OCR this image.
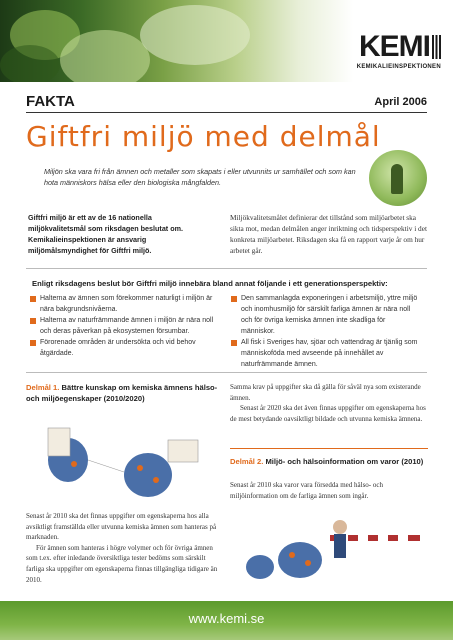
KEMI
KEMIKALIEINSPEKTIONEN
FAKTA	April 2006
Giftfri miljö med delmål
Miljön ska vara fri från ämnen och metaller som skapats i eller utvunnits ur samhället och som kan hota människors hälsa eller den biologiska mångfalden.
Giftfri miljö är ett av de 16 nationella miljökvalitetsmål som riksdagen beslutat om. Kemikalieinspektionen är ansvarig miljömålsmyndighet för Giftfri miljö.
Miljökvalitetsmålet definierar det tillstånd som miljöarbetet ska sikta mot, medan delmålen anger inriktning och tidsperspektiv i det konkreta miljöarbetet. Riksdagen ska få en rapport varje år om hur arbetet går.
Enligt riksdagens beslut bör Giftfri miljö innebära bland annat följande i ett generationsperspektiv:
Halterna av ämnen som förekommer naturligt i miljön är nära bakgrundsnivåerna.
Halterna av naturfrämmande ämnen i miljön är nära noll och deras påverkan på ekosystemen försumbar.
Förorenade områden är undersökta och vid behov åtgärdade.
Den sammanlagda exponeringen i arbetsmiljö, yttre miljö och inomhusmiljö för särskilt farliga ämnen är nära noll och för övriga kemiska ämnen inte skadliga för människor.
All fisk i Sveriges hav, sjöar och vattendrag är tjänlig som människoföda med avseende på innehållet av naturfrämmande ämnen.
Delmål 1. Bättre kunskap om kemiska ämnens hälso- och miljöegenskaper (2010/2020)

Senast år 2010 ska det finnas uppgifter om egenskaperna hos alla avsiktligt framställda eller utvunna kemiska ämnen som hanteras på marknaden.

För ämnen som hanteras i högre volymer och för övriga ämnen som t.ex. efter inledande översiktliga tester bedöms som särskilt farliga ska uppgifter om egenskaperna finnas tillgängliga tidigare än 2010.

Samma krav på uppgifter ska då gälla för såväl nya som existerande ämnen.

Senast år 2020 ska det även finnas uppgifter om egenskaperna hos de mest betydande oavsiktligt bildade och utvunna kemiska ämnena.

Delmål 2. Miljö- och hälsoinformation om varor (2010)
Senast år 2010 ska varor vara försedda med hälso- och miljöinformation om de farliga ämnen som ingår.
www.kemi.se
